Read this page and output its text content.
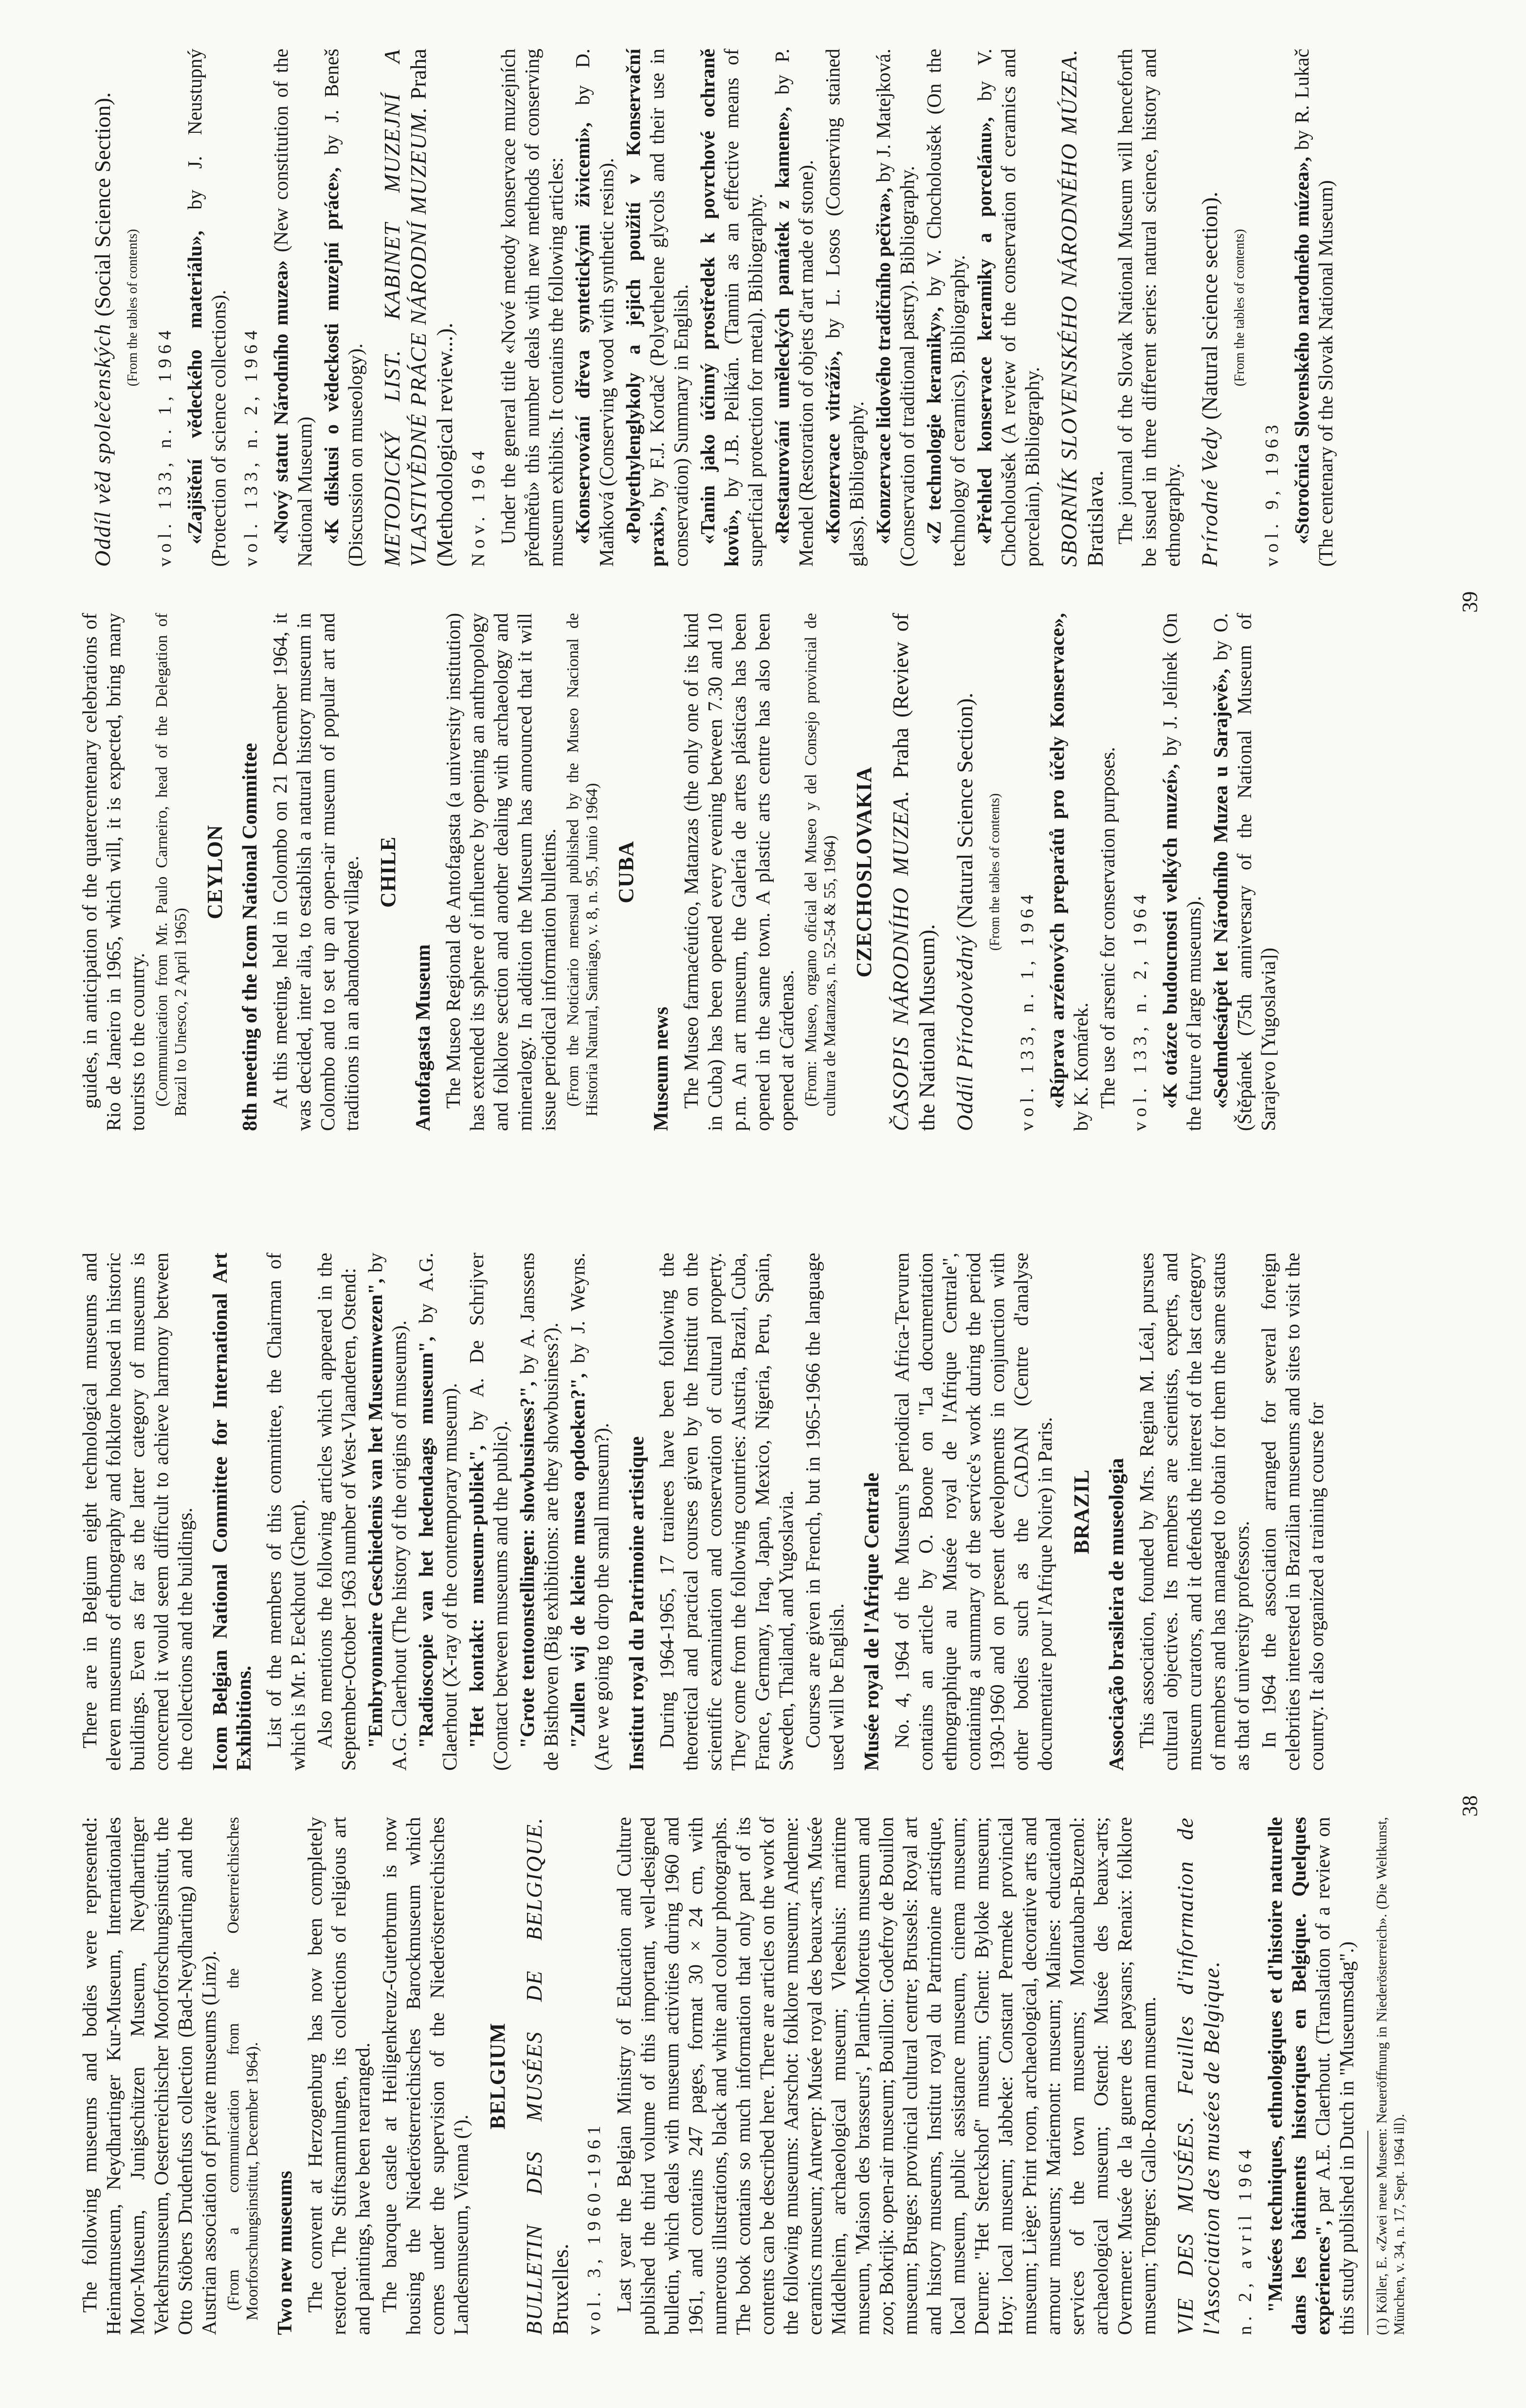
The following museums and bodies were represented: Heimatmuseum, Neydhartinger Kur-Museum, Internationales Moor-Museum, Junigschützen Museum, Neydhartinger Verkehrsmuseum, Oesterreichischer Moorforschungsinstitut, the Otto Stöbers Drudenfuss collection (Bad-Neydharting) and the Austrian association of private museums (Linz). (From a communication from the Oesterreichisches Moorforschungsinstitut, December 1964). Two new museums The convent at Herzogenburg has now been completely restored. The Stiftsammlungen, its collections of religious art and paintings, have been rearranged. The baroque castle at Heiligenkreuz-Guterbrunn is now housing the Niederösterreichisches Barockmuseum which comes under the supervision of the Niederösterreichisches Landesmuseum, Vienna (¹).

BELGIUM BULLETIN DES MUSÉES DE BELGIQUE. Bruxelles. vol. 3, 1960-1961 Last year the Belgian Ministry of Education and Culture published the third volume of this important, well-designed bulletin, which deals with museum activities during 1960 and 1961, and contains 247 pages, format 30 × 24 cm, with numerous illustrations, black and white and colour photographs. The book contains so much information that only part of its contents can be described here. There are articles on the work of the following museums: Aarschot: folklore museum; Andenne: ceramics museum; Antwerp: Musée royal des beaux-arts, Musée Middelheim, archaeological museum; Vleeshuis: maritime museum, 'Maison des brasseurs', Plantin-Moretus museum and zoo; Bokrijk: open-air museum; Bouillon: Godefroy de Bouillon museum; Bruges: provincial cultural centre; Brussels: Royal art and history museums, Institut royal du Patrimoine artistique, local museum, public assistance museum, cinema museum; Deurne: "Het Sterckshof" museum; Ghent: Byloke museum; Hoy: local museum; Jabbeke: Constant Permeke provincial museum; Liège: Print room, archaeological, decorative arts and armour museums; Mariemont: museum; Malines: educational services of the town museums; Montauban-Buzenol: archaeological museum; Ostend: Musée des beaux-arts; Overmere: Musée de la guerre des paysans; Renaix: folklore museum; Tongres: Gallo-Roman museum. VIE DES MUSÉES. Feuilles d'information de l'Association des musées de Belgique. n. 2, avril 1964 "Musées techniques, ethnologiques et d'histoire naturelle dans les bâtiments historiques en Belgique. Quelques expériences", par A.E. Claerhout. (Translation of a review on this study published in Dutch in "Museumsdag".) (1) Köller, E. «Zwei neue Museen: Neueröffnung in Niederösterreich». (Die Weltkunst, München, v. 34, n. 17, Sept. 1964 ill).

There are in Belgium eight technological museums and eleven museums of ethnography and folklore housed in historic buildings. Even as far as the latter category of museums is concerned it would seem difficult to achieve harmony between the collections and the buildings. Icom Belgian National Committee for International Art Exhibitions. List of the members of this committee, the Chairman of which is Mr. P. Eeckhout (Ghent). Also mentions the following articles which appeared in the September-October 1963 number of West-Vlaanderen, Ostend: "Embryonnaire Geschiedenis van het Museumwezen", by A.G. Claerhout (The history of the origins of museums). "Radioscopie van het hedendaags museum", by A.G. Claerhout (X-ray of the contemporary museum). "Het kontakt: museum-publiek", by A. De Schrijver (Contact between museums and the public). "Grote tentoonstellingen: showbusiness?", by A. Janssens de Bisthoven (Big exhibitions: are they showbusiness?). "Zullen wij de kleine musea opdoeken?", by J. Weyns. (Are we going to drop the small museum?). Institut royal du Patrimoine artistique During 1964-1965, 17 trainees have been following the theoretical and practical courses given by the Institut on the scientific examination and conservation of cultural property. They come from the following countries: Austria, Brazil, Cuba, France, Germany, Iraq, Japan, Mexico, Nigeria, Peru, Spain, Sweden, Thailand, and Yugoslavia. Courses are given in French, but in 1965-1966 the language used will be English. Musée royal de l'Afrique Centrale No. 4, 1964 of the Museum's periodical Africa-Tervuren contains an article by O. Boone on "La documentation ethnographique au Musée royal de l'Afrique Centrale", containing a summary of the service's work during the period 1930-1960 and on present developments in conjunction with other bodies such as the CADAN (Centre d'analyse documentaire pour l'Afrique Noire) in Paris. BRAZIL Associação brasileira de museologia This association, founded by Mrs. Regina M. Léal, pursues cultural objectives. Its members are scientists, experts, and museum curators, and it defends the interest of the last category of members and has managed to obtain for them the same status as that of university professors. In 1964 the association arranged for several foreign celebrities interested in Brazilian museums and sites to visit the country. It also organized a training course for

38

guides, in anticipation of the quatercentenary celebrations of Rio de Janeiro in 1965, which will, it is expected, bring many tourists to the country. (Communication from Mr. Paulo Carneiro, head of the Delegation of Brazil to Unesco, 2 April 1965)

CEYLON 8th meeting of the Icom National Committee At this meeting, held in Colombo on 21 December 1964, it was decided, inter alia, to establish a natural history museum in Colombo and to set up an open-air museum of popular art and traditions in an abandoned village. CHILE
Antofagasta Museum The Museo Regional de Antofagasta (a university institution) has extended its sphere of influence by opening an anthropology and folklore section and another dealing with archaeology and mineralogy. In addition the Museum has announced that it will issue periodical information bulletins. (From the Noticiario mensual published by the Museo Nacional de Historia Natural, Santiago, v. 8, n. 95, Junio 1964) CUBA
Museum news The Museo farmacéutico, Matanzas (the only one of its kind in Cuba) has been opened every evening between 7.30 and 10 p.m. An art museum, the Galería de artes plásticas has been opened in the same town. A plastic arts centre has also been opened at Cárdenas. (From: Museo, organo oficial del Museo y del Consejo provincial de cultura de Matanzas, n. 52-54 & 55, 1964) CZECHOSLOVAKIA ČASOPIS NÁRODNÍHO MUZEA. Praha (Review of the National Museum). Oddíl Přírodovědný (Natural Science Section). (From the tables of contents)
vol. 133, n. 1, 1964 «Ríprava arzénových preparátů pro účely Konservace», by K. Komárek. The use of arsenic for conservation purposes. vol. 133, n. 2, 1964 «K otázce budoucnosti velkých muzeí», by J. Jelínek (On the future of large museums). «Sedmdesátpět let Národního Muzea u Sarajevě», by O.(Štěpánek (75th anniversary of the National Museum of Sarajevo [Yugoslavia])

Oddíl věd společenských (Social Science Section). (From the tables of contents)
vol. 133, n. 1, 1964 «Zajištění vědeckého materiálu», by J. Neustupný (Protection of science collections). vol. 133, n. 2, 1964 «Nový statut Národního muzea» (New constitution of the National Museum) «K diskusi o vědeckosti muzejní práce», by J. Beneš (Discussion on museology). METODICKÝ LIST. KABINET MUZEJNÍ A VLASTIVĚDNÉ PRÁCE NÁRODNÍ MUZEUM. Praha (Methodological review...). Nov. 1964 Under the general title «Nové metody konservace muzejních předmětů» this number deals with new methods of conserving museum exhibits. It contains the following articles: «Konservování dřeva syntetickými živicemi», by D. Maňková (Conserving wood with synthetic resins). «Polyethylenglykoly a jejich použití v Konservační praxi», by F.J. Kordač (Polyethelene glycols and their use in conservation) Summary in English. «Tanin jako účinný prostředek k povrchové ochraně kovů», by J.B. Pelikán. (Tannin as an effective means of superficial protection for metal). Bibliography. «Restaurování uměleckých památek z kamene», by P. Mendel (Restoration of objets d'art made of stone). «Konzervace vitráží», by L. Losos (Conserving stained glass). Bibliography. «Konzervace lidového tradičního pečiva», by J. Matejková. (Conservation of traditional pastry). Bibliography. «Z technologie keramiky», by V. Chocholoušek (On the technology of ceramics). Bibliography. «Přehled konservace keramiky a porcelánu», by V. Chocholoušek (A review of the conservation of ceramics and porcelain). Bibliography. SBORNÍK SLOVENSKÉHO NÁRODNÉHO MÚZEA. Bratislava. The journal of the Slovak National Museum will henceforth be issued in three different series: natural science, history and ethnography. Prírodné Vedy (Natural science section). (From the tables of contents)
vol. 9, 1963 «Storočnica Slovenského narodného múzea», by R. Lukač (The centenary of the Slovak National Museum)

39
